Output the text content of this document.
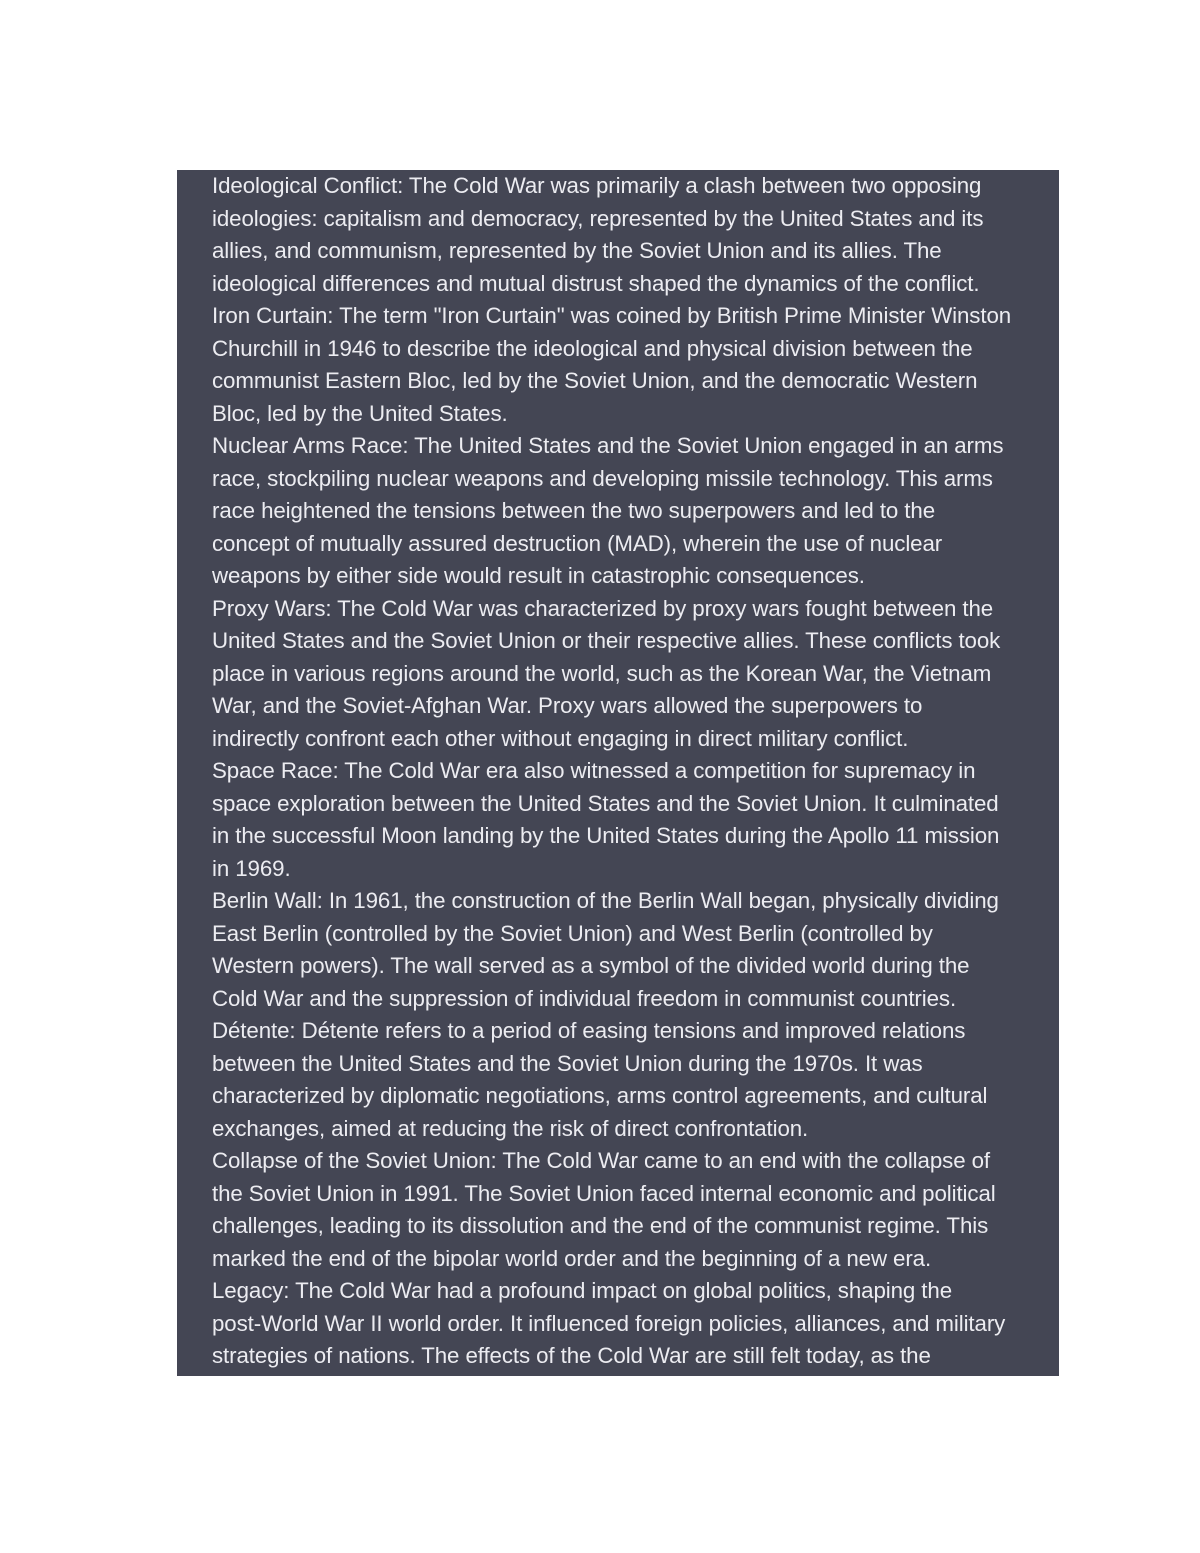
Ideological Conflict: The Cold War was primarily a clash between two opposing
ideologies: capitalism and democracy, represented by the United States and its
allies, and communism, represented by the Soviet Union and its allies. The
ideological differences and mutual distrust shaped the dynamics of the conflict.
Iron Curtain: The term "Iron Curtain" was coined by British Prime Minister Winston
Churchill in 1946 to describe the ideological and physical division between the
communist Eastern Bloc, led by the Soviet Union, and the democratic Western
Bloc, led by the United States.
Nuclear Arms Race: The United States and the Soviet Union engaged in an arms
race, stockpiling nuclear weapons and developing missile technology. This arms
race heightened the tensions between the two superpowers and led to the
concept of mutually assured destruction (MAD), wherein the use of nuclear
weapons by either side would result in catastrophic consequences.
Proxy Wars: The Cold War was characterized by proxy wars fought between the
United States and the Soviet Union or their respective allies. These conflicts took
place in various regions around the world, such as the Korean War, the Vietnam
War, and the Soviet-Afghan War. Proxy wars allowed the superpowers to
indirectly confront each other without engaging in direct military conflict.
Space Race: The Cold War era also witnessed a competition for supremacy in
space exploration between the United States and the Soviet Union. It culminated
in the successful Moon landing by the United States during the Apollo 11 mission
in 1969.
Berlin Wall: In 1961, the construction of the Berlin Wall began, physically dividing
East Berlin (controlled by the Soviet Union) and West Berlin (controlled by
Western powers). The wall served as a symbol of the divided world during the
Cold War and the suppression of individual freedom in communist countries.
Détente: Détente refers to a period of easing tensions and improved relations
between the United States and the Soviet Union during the 1970s. It was
characterized by diplomatic negotiations, arms control agreements, and cultural
exchanges, aimed at reducing the risk of direct confrontation.
Collapse of the Soviet Union: The Cold War came to an end with the collapse of
the Soviet Union in 1991. The Soviet Union faced internal economic and political
challenges, leading to its dissolution and the end of the communist regime. This
marked the end of the bipolar world order and the beginning of a new era.
Legacy: The Cold War had a profound impact on global politics, shaping the
post-World War II world order. It influenced foreign policies, alliances, and military
strategies of nations. The effects of the Cold War are still felt today, as the
